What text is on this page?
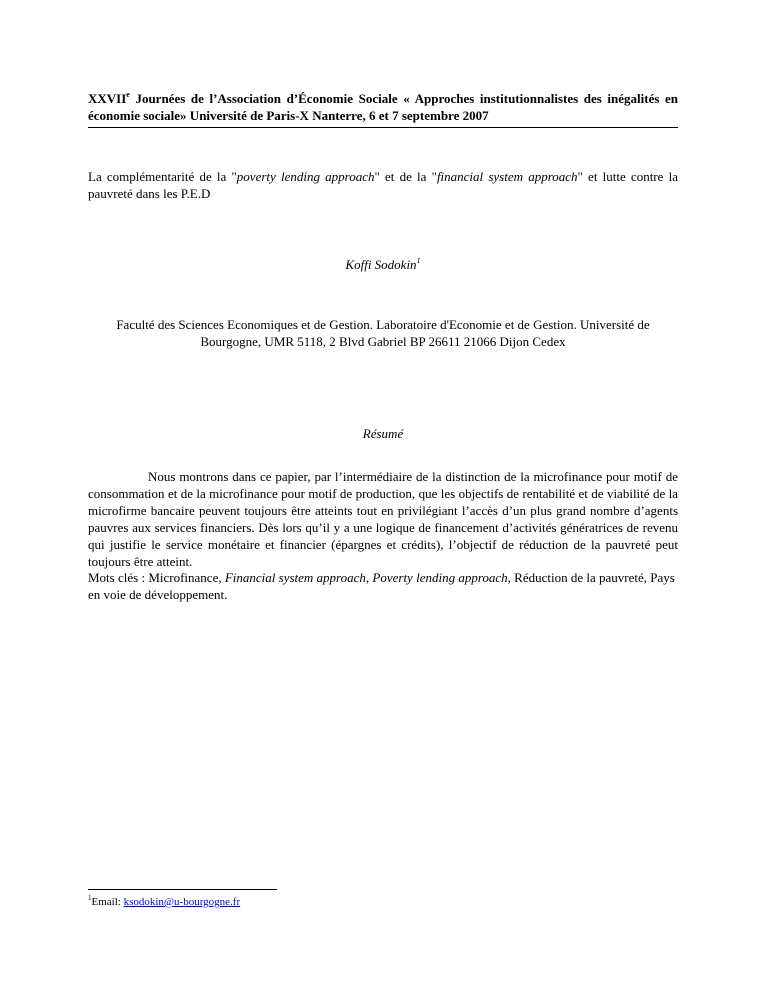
XXVIIe Journées de l’Association d’Économie Sociale « Approches institutionnalistes des inégalités en économie sociale» Université de Paris-X Nanterre, 6 et 7 septembre 2007
La complémentarité de la "poverty lending approach" et de la "financial system approach" et lutte contre la pauvreté dans les P.E.D
Koffi Sodokin$^1$
Faculté des Sciences Economiques et de Gestion. Laboratoire d'Economie et de Gestion. Université de Bourgogne, UMR 5118, 2 Blvd Gabriel BP 26611 21066 Dijon Cedex
Résumé

Nous montrons dans ce papier, par l’intermédiaire de la distinction de la microfinance pour motif de consommation et de la microfinance pour motif de production, que les objectifs de rentabilité et de viabilité de la microfirme bancaire peuvent toujours être atteints tout en privilégiant l’accès d’un plus grand nombre d’agents pauvres aux services financiers. Dès lors qu’il y a une logique de financement d’activités génératrices de revenu qui justifie le service monétaire et financier (épargnes et crédits), l’objectif de réduction de la pauvreté peut toujours être atteint.

Mots clés : Microfinance, Financial system approach, Poverty lending approach, Réduction de la pauvreté, Pays en voie de développement.

$^1$Email: ksodokin@u-bourgogne.fr
